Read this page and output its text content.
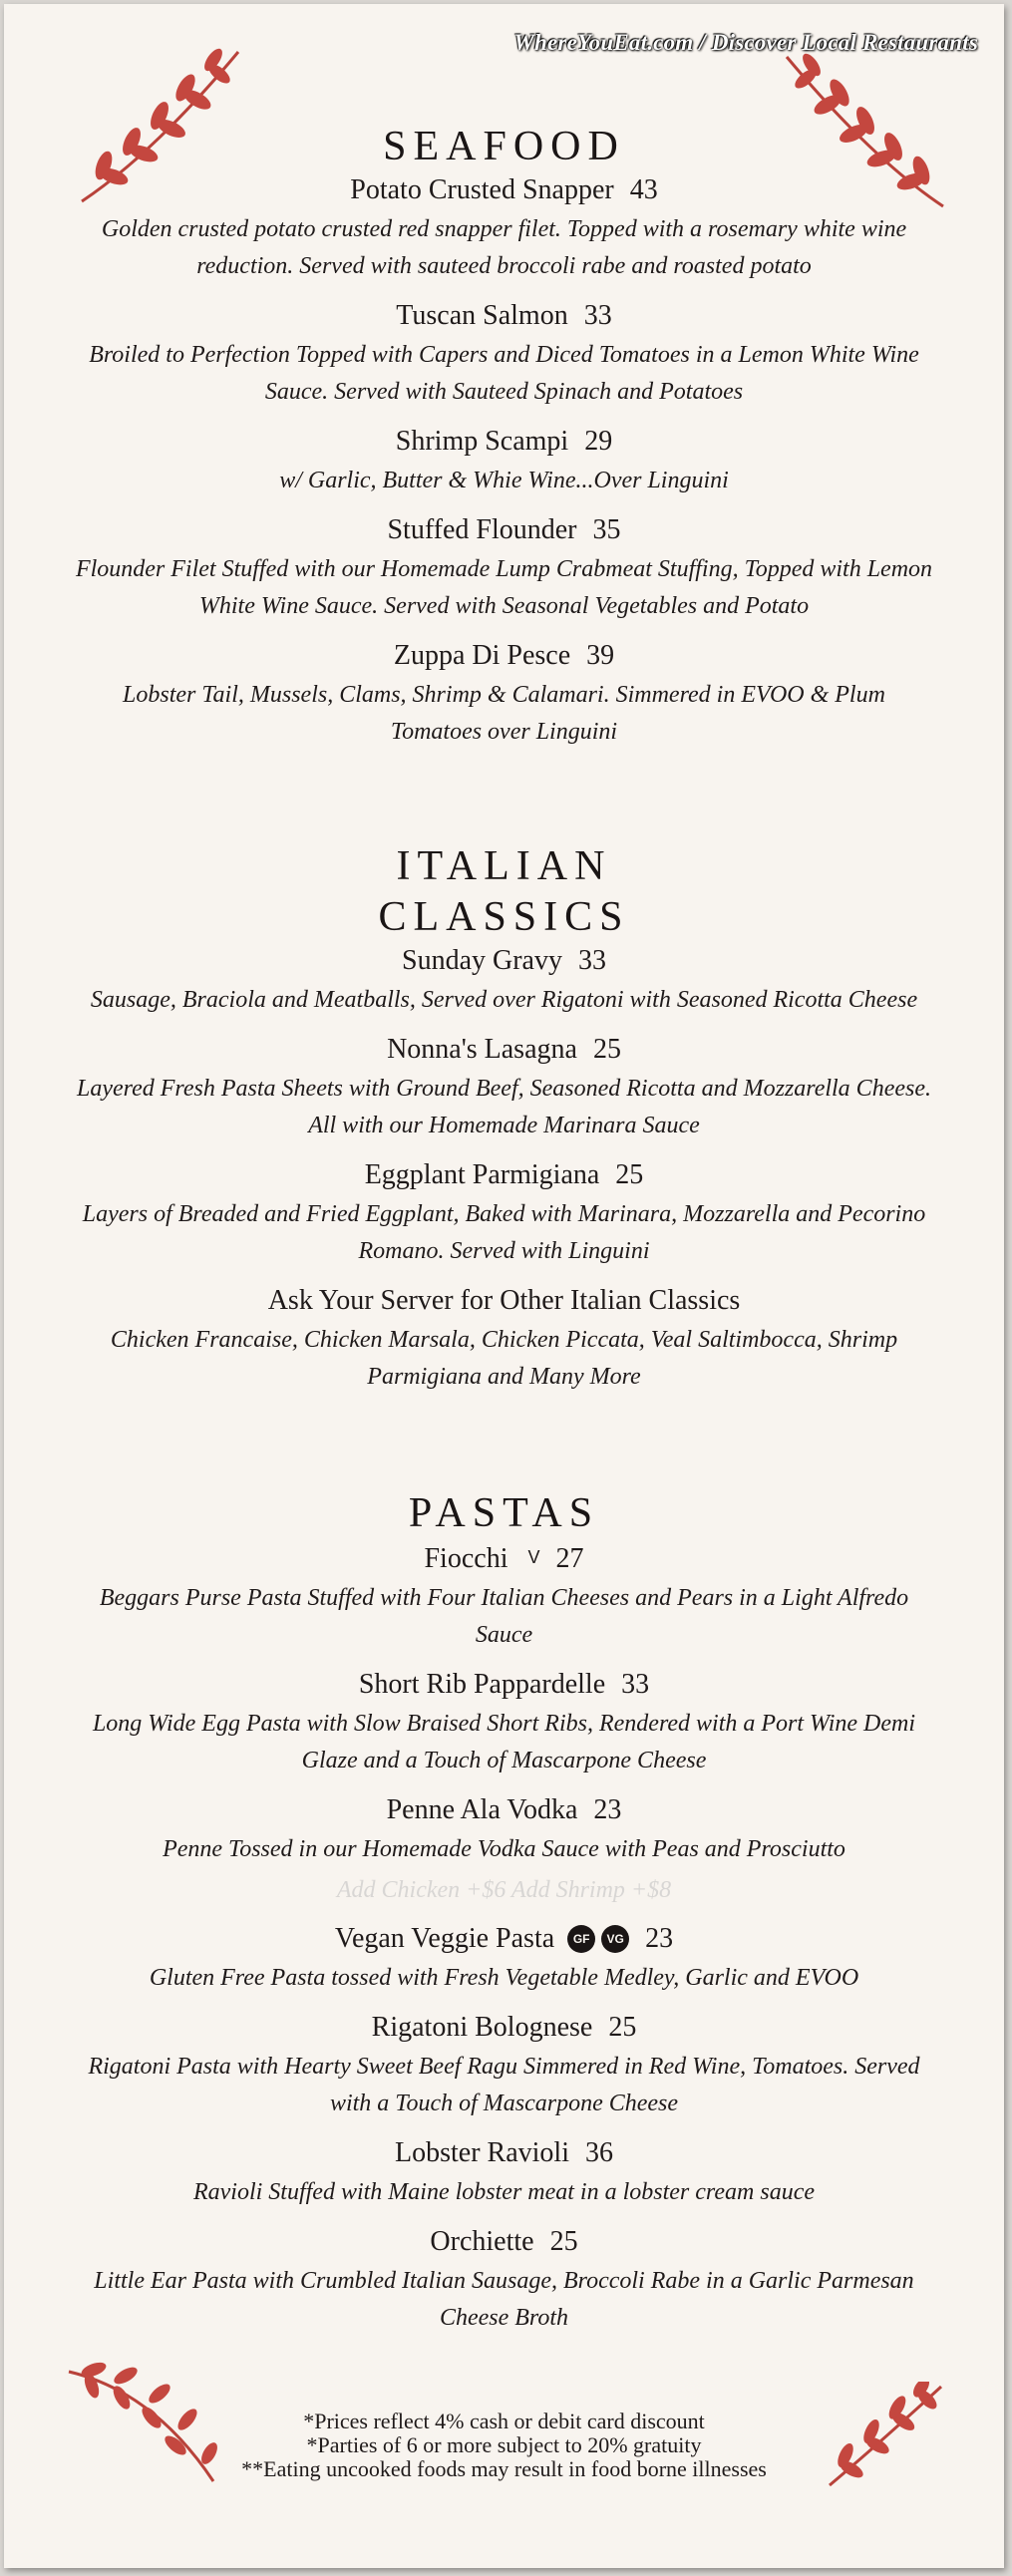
WhereYouEat.com / Discover Local Restaurants
SEAFOOD

Potato Crusted Snapper 43

Golden crusted potato crusted red snapper filet. Topped with a rosemary white wine reduction. Served with sauteed broccoli rabe and roasted potato

Tuscan Salmon 33

Broiled to Perfection Topped with Capers and Diced Tomatoes in a Lemon White Wine Sauce. Served with Sauteed Spinach and Potatoes

Shrimp Scampi 29

w/ Garlic, Butter & Whie Wine...Over Linguini

Stuffed Flounder 35

Flounder Filet Stuffed with our Homemade Lump Crabmeat Stuffing, Topped with Lemon White Wine Sauce. Served with Seasonal Vegetables and Potato

Zuppa Di Pesce 39

Lobster Tail, Mussels, Clams, Shrimp & Calamari. Simmered in EVOO & Plum Tomatoes over Linguini

ITALIAN
CLASSICS

Sunday Gravy 33

Sausage, Braciola and Meatballs, Served over Rigatoni with Seasoned Ricotta Cheese

Nonna's Lasagna 25

Layered Fresh Pasta Sheets with Ground Beef, Seasoned Ricotta and Mozzarella Cheese. All with our Homemade Marinara Sauce

Eggplant Parmigiana 25

Layers of Breaded and Fried Eggplant, Baked with Marinara, Mozzarella and Pecorino Romano. Served with Linguini

Ask Your Server for Other Italian Classics

Chicken Francaise, Chicken Marsala, Chicken Piccata, Veal Saltimbocca, Shrimp Parmigiana and Many More

PASTAS

Fiocchi V 27

Beggars Purse Pasta Stuffed with Four Italian Cheeses and Pears in a Light Alfredo Sauce

Short Rib Pappardelle 33

Long Wide Egg Pasta with Slow Braised Short Ribs, Rendered with a Port Wine Demi Glaze and a Touch of Mascarpone Cheese

Penne Ala Vodka 23

Penne Tossed in our Homemade Vodka Sauce with Peas and Prosciutto

Add Chicken +$6 Add Shrimp +$8

Vegan Veggie Pasta GF VG 23

Gluten Free Pasta tossed with Fresh Vegetable Medley, Garlic and EVOO

Rigatoni Bolognese 25

Rigatoni Pasta with Hearty Sweet Beef Ragu Simmered in Red Wine, Tomatoes. Served with a Touch of Mascarpone Cheese

Lobster Ravioli 36

Ravioli Stuffed with Maine lobster meat in a lobster cream sauce

Orchiette 25

Little Ear Pasta with Crumbled Italian Sausage, Broccoli Rabe in a Garlic Parmesan Cheese Broth

*Prices reflect 4% cash or debit card discount
*Parties of 6 or more subject to 20% gratuity
**Eating uncooked foods may result in food borne illnesses
